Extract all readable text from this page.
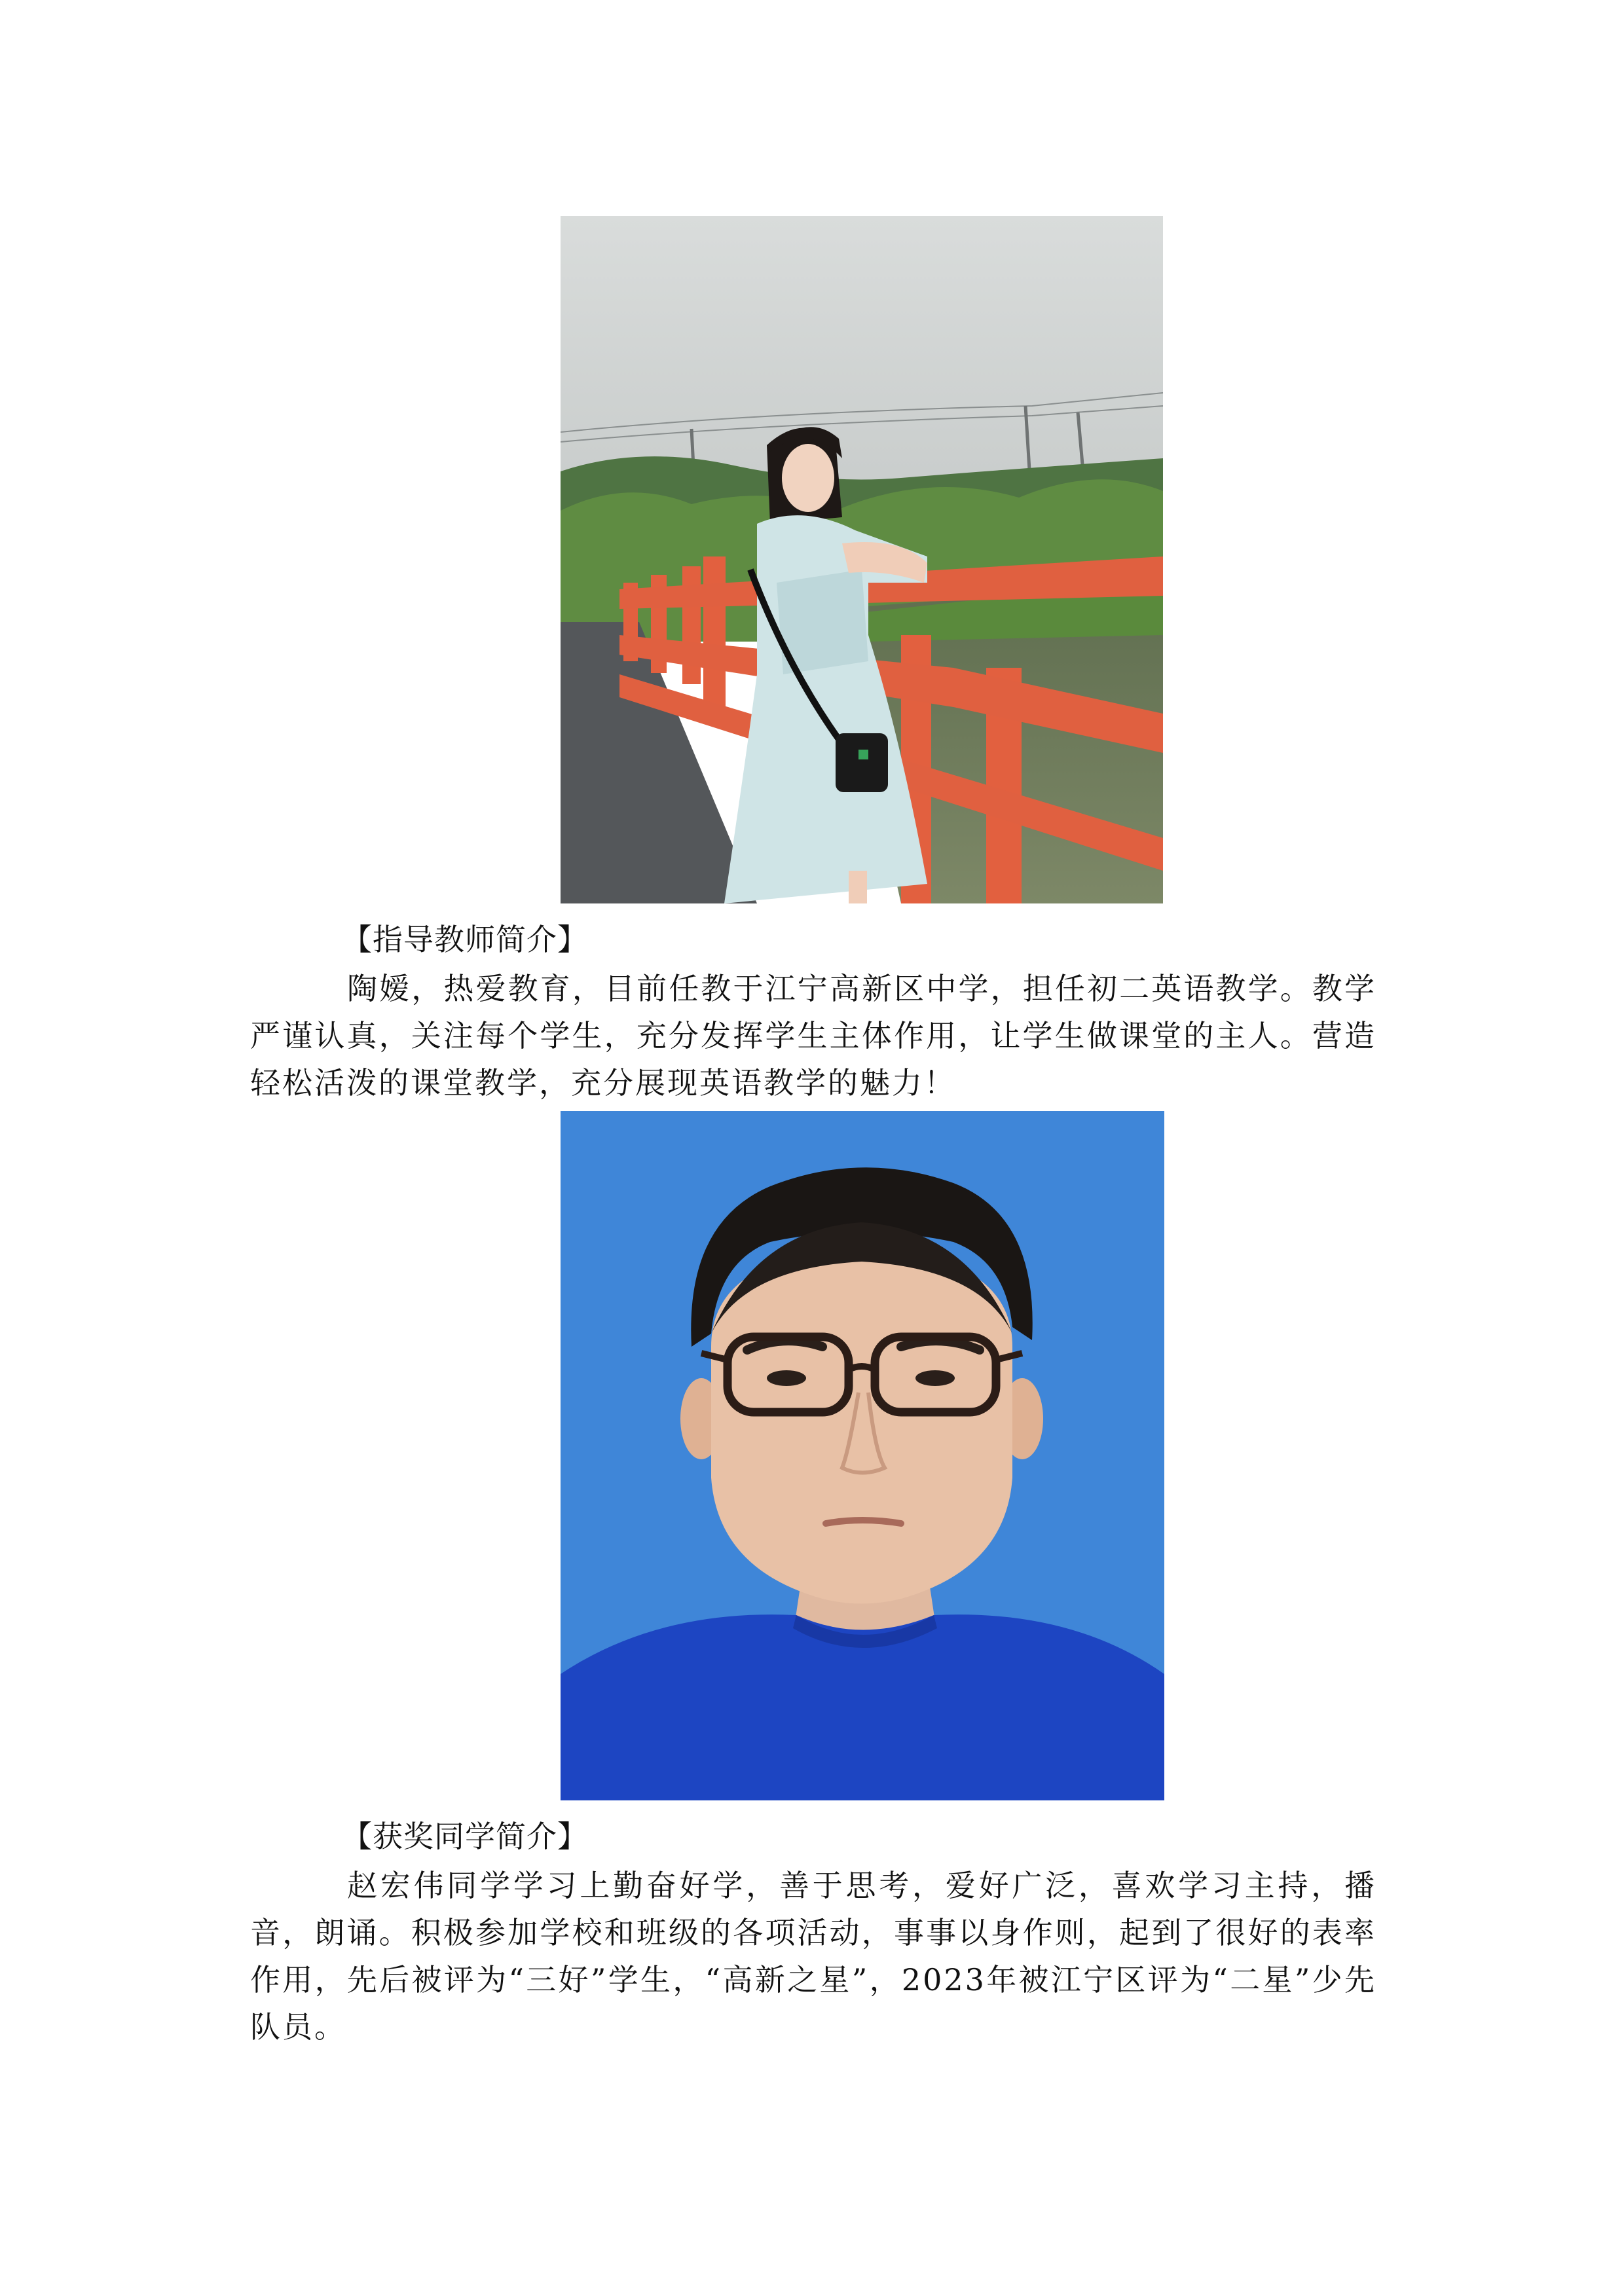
【指导教师简介】
陶嫒，热爱教育，目前任教于江宁高新区中学，担任初二英语教学。教学严谨认真，关注每个学生，充分发挥学生主体作用，让学生做课堂的主人。营造轻松活泼的课堂教学，充分展现英语教学的魅力！
【获奖同学简介】
赵宏伟同学学习上勤奋好学，善于思考，爱好广泛，喜欢学习主持，播音，朗诵。积极参加学校和班级的各项活动，事事以身作则，起到了很好的表率作用，先后被评为“三好”学生，“高新之星”，2023年被江宁区评为“二星”少先队员。
